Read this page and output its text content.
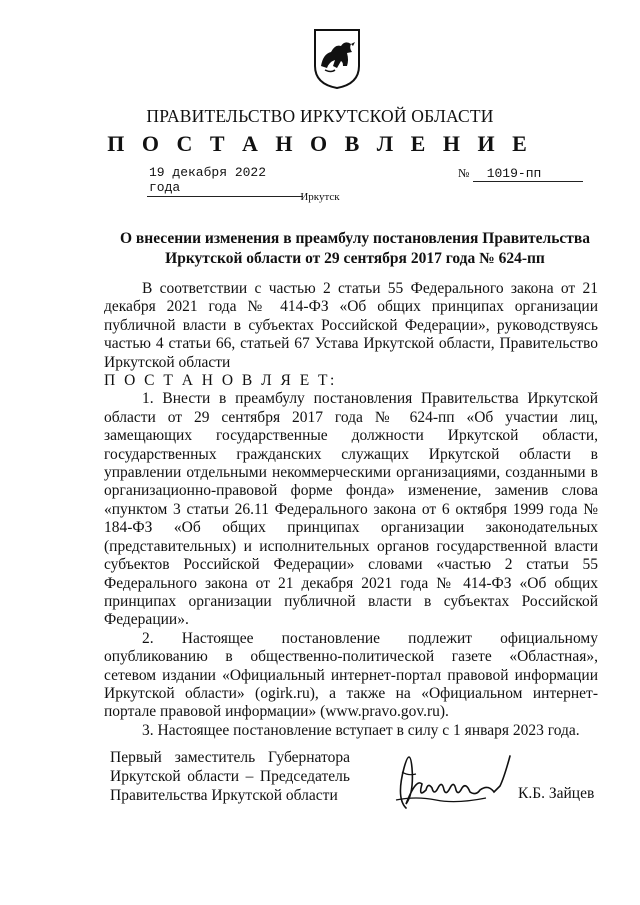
ПРАВИТЕЛЬСТВО ИРКУТСКОЙ ОБЛАСТИ
П О С Т А Н О В Л Е Н И Е
19 декабря 2022 года
№ 1019-пп
Иркутск
О внесении изменения в преамбулу постановления Правительства Иркутской области от 29 сентября 2017 года № 624-пп

В соответствии с частью 2 статьи 55 Федерального закона от 21 декабря 2021 года № 414-ФЗ «Об общих принципах организации публичной власти в субъектах Российской Федерации», руководствуясь частью 4 статьи 66, статьей 67 Устава Иркутской области, Правительство Иркутской области

П О С Т А Н О В Л Я Е Т:

1. Внести в преамбулу постановления Правительства Иркутской области от 29 сентября 2017 года № 624-пп «Об участии лиц, замещающих государственные должности Иркутской области, государственных гражданских служащих Иркутской области в управлении отдельными некоммерческими организациями, созданными в организационно-правовой форме фонда» изменение, заменив слова «пунктом 3 статьи 26.11 Федерального закона от 6 октября 1999 года № 184-ФЗ «Об общих принципах организации законодательных (представительных) и исполнительных органов государственной власти субъектов Российской Федерации» словами «частью 2 статьи 55 Федерального закона от 21 декабря 2021 года № 414-ФЗ «Об общих принципах организации публичной власти в субъектах Российской Федерации».

2. Настоящее постановление подлежит официальному опубликованию в общественно-политической газете «Областная», сетевом издании «Официальный интернет-портал правовой информации Иркутской области» (ogirk.ru), а также на «Официальном интернет-портале правовой информации» (www.pravo.gov.ru).

3. Настоящее постановление вступает в силу с 1 января 2023 года.

Первый заместитель Губернатора
Иркутской области – Председатель
Правительства Иркутской области	К.Б. Зайцев
